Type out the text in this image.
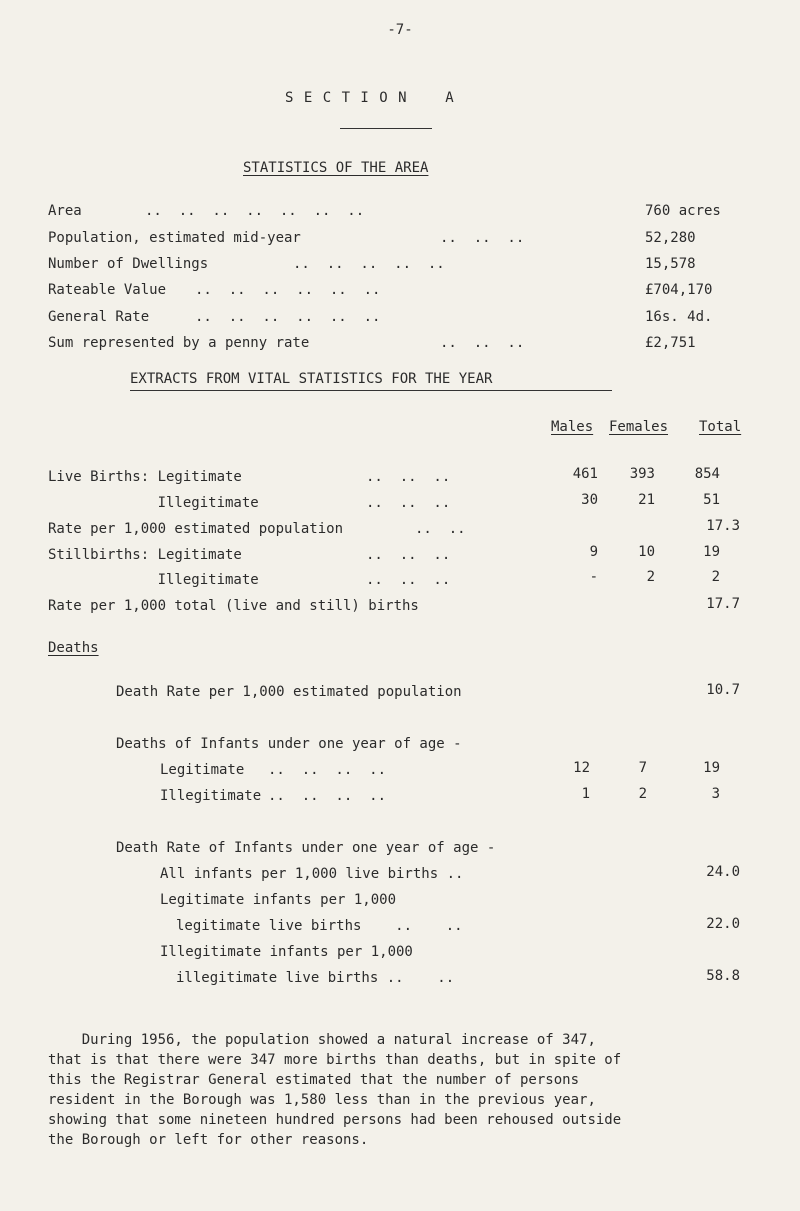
-7-
S E C T I O N    A
STATISTICS OF THE AREA
Area	..  ..  ..  ..  ..  ..  ..	760 acres
Population, estimated mid-year	..  ..  ..	52,280
Number of Dwellings	..  ..  ..  ..  ..	15,578
Rateable Value ..  ..  ..  ..  ..  ..	£704,170
General Rate	..  ..  ..  ..  ..  ..	16s. 4d.
Sum represented by a penny rate	..  ..  ..	£2,751
EXTRACTS FROM VITAL STATISTICS FOR THE YEAR
Males Females Total
Live Births: Legitimate	..  ..  ..	461	393	854
Illegitimate	..  ..  ..	30	21	51
Rate per 1,000 estimated population	..  ..	17.3
Stillbirths: Legitimate	..  ..  ..	9	10	19
Illegitimate	..  ..  ..	-	2	2
Rate per 1,000 total (live and still) births	17.7
Deaths
Death Rate per 1,000 estimated population	10.7
Deaths of Infants under one year of age -
Legitimate ..  ..  ..  ..	12	7	19
Illegitimate ..  ..  ..  ..	1	2	3
Death Rate of Infants under one year of age -
All infants per 1,000 live births ..	24.0
Legitimate infants per 1,000
legitimate live births    ..    ..	22.0
Illegitimate infants per 1,000
illegitimate live births ..    ..	58.8
During 1956, the population showed a natural increase of 347,
that is that there were 347 more births than deaths, but in spite of
this the Registrar General estimated that the number of persons
resident in the Borough was 1,580 less than in the previous year,
showing that some nineteen hundred persons had been rehoused outside
the Borough or left for other reasons.
